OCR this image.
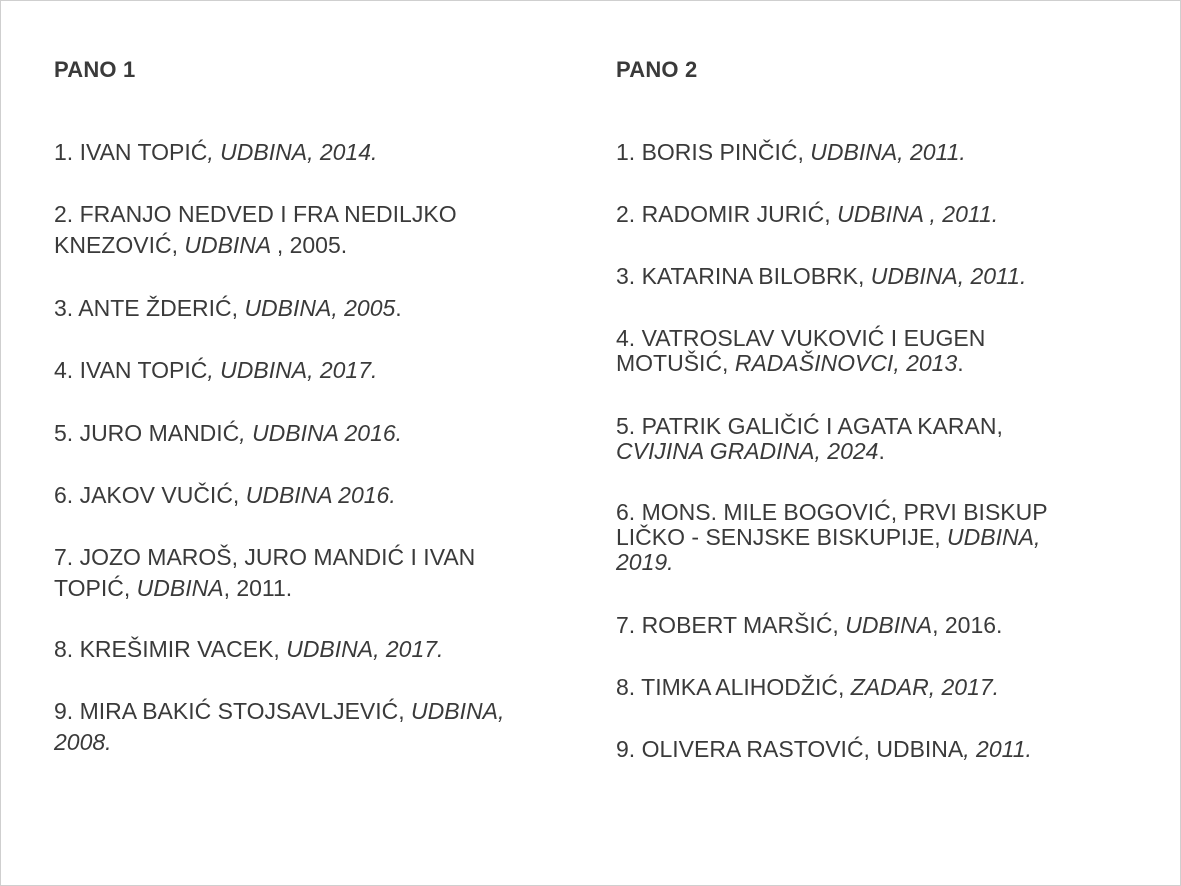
PANO 1

1. IVAN TOPIĆ, UDBINA, 2014.

2. FRANJO NEDVED I FRA NEDILJKO
KNEZOVIĆ, UDBINA , 2005.

3. ANTE ŽDERIĆ, UDBINA, 2005.

4. IVAN TOPIĆ, UDBINA, 2017.

5. JURO MANDIĆ, UDBINA 2016.

6. JAKOV VUČIĆ, UDBINA 2016.

7. JOZO MAROŠ, JURO MANDIĆ I IVAN
TOPIĆ, UDBINA, 2011.

8. KREŠIMIR VACEK, UDBINA, 2017.

9. MIRA BAKIĆ STOJSAVLJEVIĆ, UDBINA,
2008.

PANO 2

1. BORIS PINČIĆ, UDBINA, 2011.

2. RADOMIR JURIĆ, UDBINA , 2011.

3. KATARINA BILOBRK, UDBINA, 2011.

4. VATROSLAV VUKOVIĆ I EUGEN
MOTUŠIĆ, RADAŠINOVCI, 2013.

5. PATRIK GALIČIĆ I AGATA KARAN,
CVIJINA GRADINA, 2024.

6. MONS. MILE BOGOVIĆ, PRVI BISKUP
LIČKO - SENJSKE BISKUPIJE, UDBINA,
2019.

7. ROBERT MARŠIĆ, UDBINA, 2016.

8. TIMKA ALIHODŽIĆ, ZADAR, 2017.

9. OLIVERA RASTOVIĆ, UDBINA, 2011.
